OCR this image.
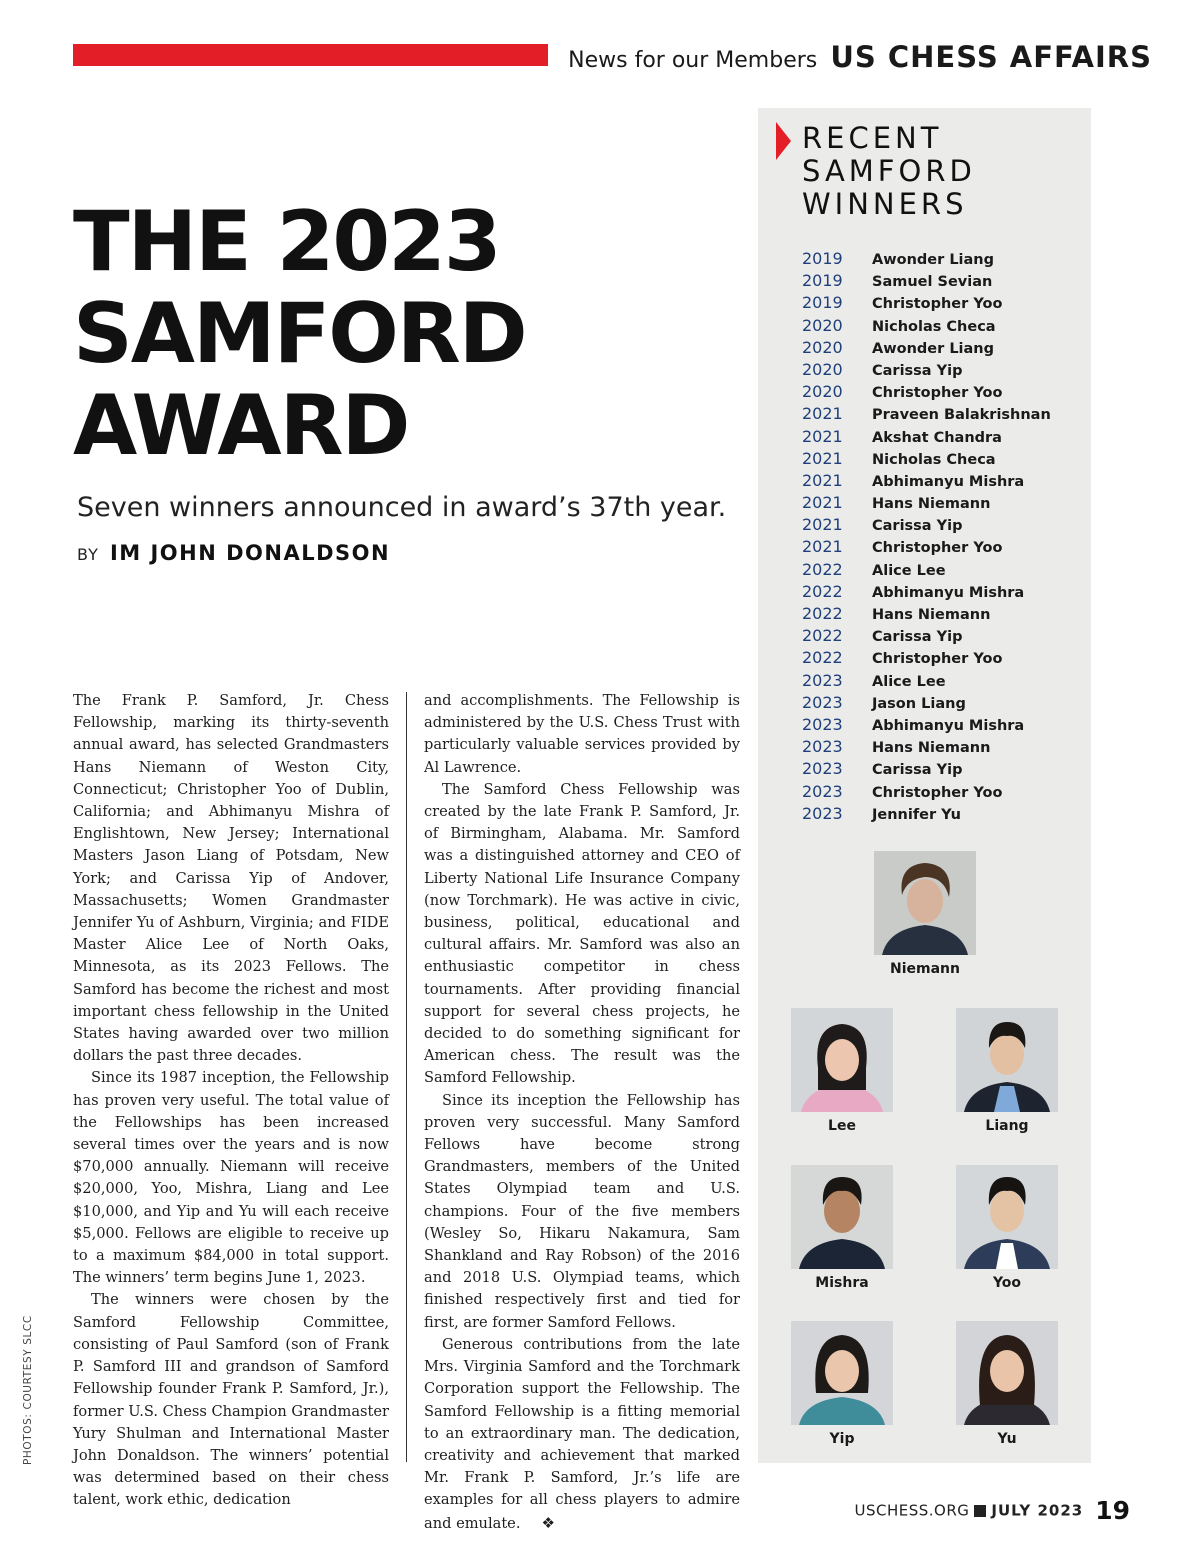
News for our Members US CHESS AFFAIRS
THE 2023
SAMFORD
AWARD
Seven winners announced in award’s 37th year.
BY IM JOHN DONALDSON

The Frank P. Samford, Jr. Chess Fellowship, marking its thirty-seventh annual award, has selected Grandmasters Hans Niemann of Weston City, Connecticut; Christopher Yoo of Dublin, California; and Abhimanyu Mishra of Englishtown, New Jersey; International Masters Jason Liang of Potsdam, New York; and Carissa Yip of Andover, Massachusetts; Women Grandmaster Jennifer Yu of Ashburn, Virginia; and FIDE Master Alice Lee of North Oaks, Minnesota, as its 2023 Fellows. The Samford has become the richest and most important chess fellowship in the United States having awarded over two million dollars the past three decades.

Since its 1987 inception, the Fellowship has proven very useful. The total value of the Fellowships has been increased several times over the years and is now $70,000 annually. Niemann will receive $20,000, Yoo, Mishra, Liang and Lee $10,000, and Yip and Yu will each receive $5,000. Fellows are eligible to receive up to a maximum $84,000 in total support. The winners’ term begins June 1, 2023.

The winners were chosen by the Samford Fellowship Committee, consisting of Paul Samford (son of Frank P. Samford III and grandson of Samford Fellowship founder Frank P. Samford, Jr.), former U.S. Chess Champion Grandmaster Yury Shulman and International Master John Donaldson. The winners’ potential was determined based on their chess talent, work ethic, dedication

and accomplishments. The Fellowship is administered by the U.S. Chess Trust with particularly valuable services provided by Al Lawrence.

The Samford Chess Fellowship was created by the late Frank P. Samford, Jr. of Birmingham, Alabama. Mr. Samford was a distinguished attorney and CEO of Liberty National Life Insurance Company (now Torchmark). He was active in civic, business, political, educational and cultural affairs. Mr. Samford was also an enthusiastic competitor in chess tournaments. After providing financial support for several chess projects, he decided to do something significant for American chess. The result was the Samford Fellowship.

Since its inception the Fellowship has proven very successful. Many Samford Fellows have become strong Grandmasters, members of the United States Olympiad team and U.S. champions. Four of the five members (Wesley So, Hikaru Nakamura, Sam Shankland and Ray Robson) of the 2016 and 2018 U.S. Olympiad teams, which finished respectively first and tied for first, are former Samford Fellows.

Generous contributions from the late Mrs. Virginia Samford and the Torchmark Corporation support the Fellowship. The Samford Fellowship is a fitting memorial to an extraordinary man. The dedication, creativity and achievement that marked Mr. Frank P. Samford, Jr.’s life are examples for all chess players to admire and emulate. ❖

PHOTOS: COURTESY SLCC
RECENT
SAMFORD
WINNERS
2019 Awonder Liang
2019 Samuel Sevian
2019 Christopher Yoo
2020 Nicholas Checa
2020 Awonder Liang
2020 Carissa Yip
2020 Christopher Yoo
2021 Praveen Balakrishnan
2021 Akshat Chandra
2021 Nicholas Checa
2021 Abhimanyu Mishra
2021 Hans Niemann
2021 Carissa Yip
2021 Christopher Yoo
2022 Alice Lee
2022 Abhimanyu Mishra
2022 Hans Niemann
2022 Carissa Yip
2022 Christopher Yoo
2023 Alice Lee
2023 Jason Liang
2023 Abhimanyu Mishra
2023 Hans Niemann
2023 Carissa Yip
2023 Christopher Yoo
2023 Jennifer Yu
Niemann
Lee	Liang
Mishra	Yoo
Yip	Yu
USCHESS.ORG JULY 2023 19
